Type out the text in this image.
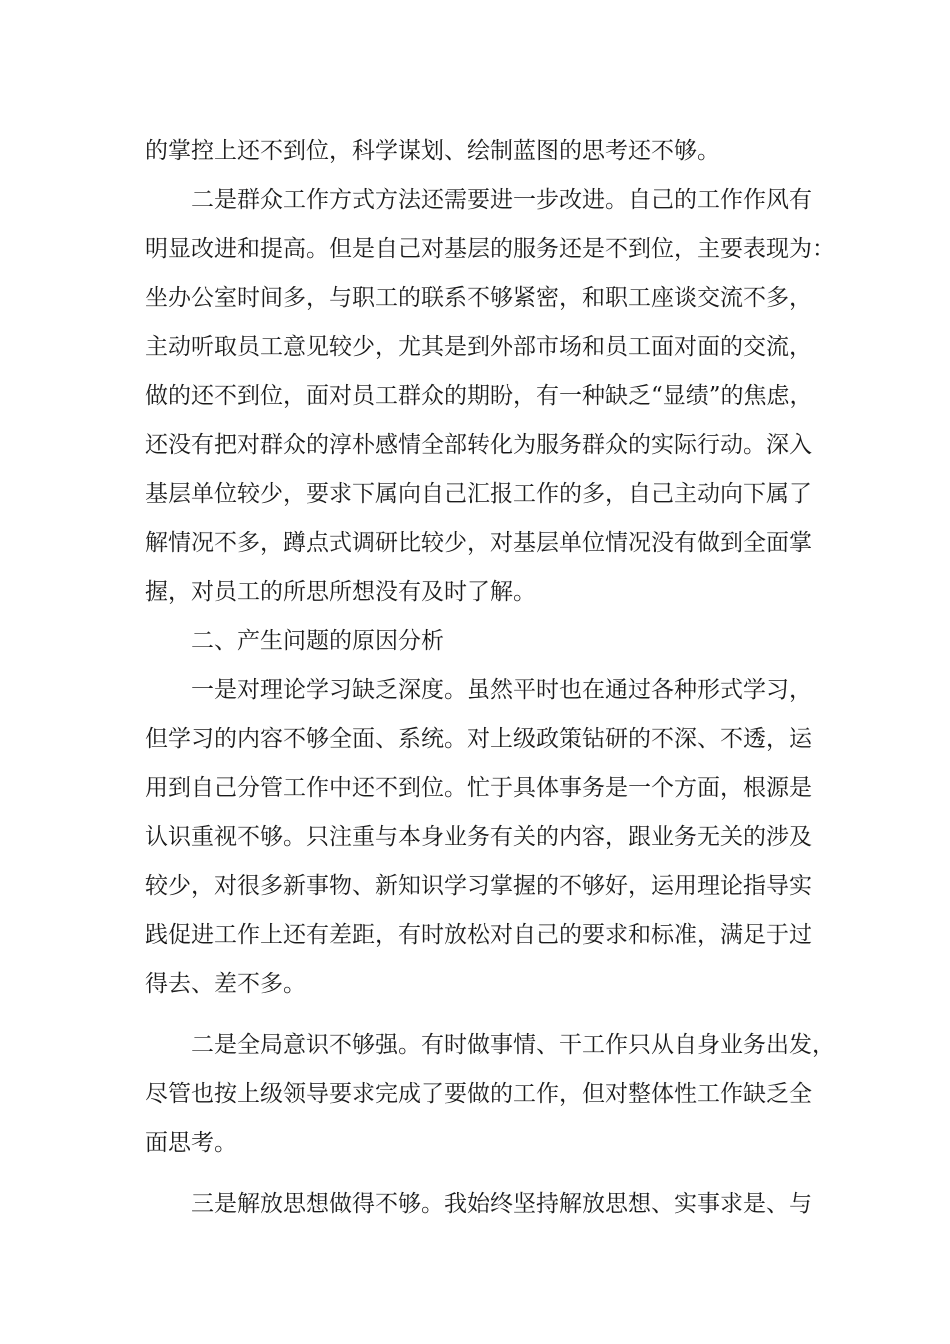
的掌控上还不到位，科学谋划、绘制蓝图的思考还不够。
二是群众工作方式方法还需要进一步改进。自己的工作作风有
明显改进和提高。但是自己对基层的服务还是不到位，主要表现为：
坐办公室时间多，与职工的联系不够紧密，和职工座谈交流不多，
主动听取员工意见较少，尤其是到外部市场和员工面对面的交流，
做的还不到位，面对员工群众的期盼，有一种缺乏“显绩”的焦虑，
还没有把对群众的淳朴感情全部转化为服务群众的实际行动。深入
基层单位较少，要求下属向自己汇报工作的多，自己主动向下属了
解情况不多，蹲点式调研比较少，对基层单位情况没有做到全面掌
握，对员工的所思所想没有及时了解。
二、产生问题的原因分析
一是对理论学习缺乏深度。虽然平时也在通过各种形式学习，
但学习的内容不够全面、系统。对上级政策钻研的不深、不透，运
用到自己分管工作中还不到位。忙于具体事务是一个方面，根源是
认识重视不够。只注重与本身业务有关的内容，跟业务无关的涉及
较少，对很多新事物、新知识学习掌握的不够好，运用理论指导实
践促进工作上还有差距，有时放松对自己的要求和标准，满足于过
得去、差不多。
二是全局意识不够强。有时做事情、干工作只从自身业务出发，
尽管也按上级领导要求完成了要做的工作，但对整体性工作缺乏全
面思考。
三是解放思想做得不够。我始终坚持解放思想、实事求是、与
